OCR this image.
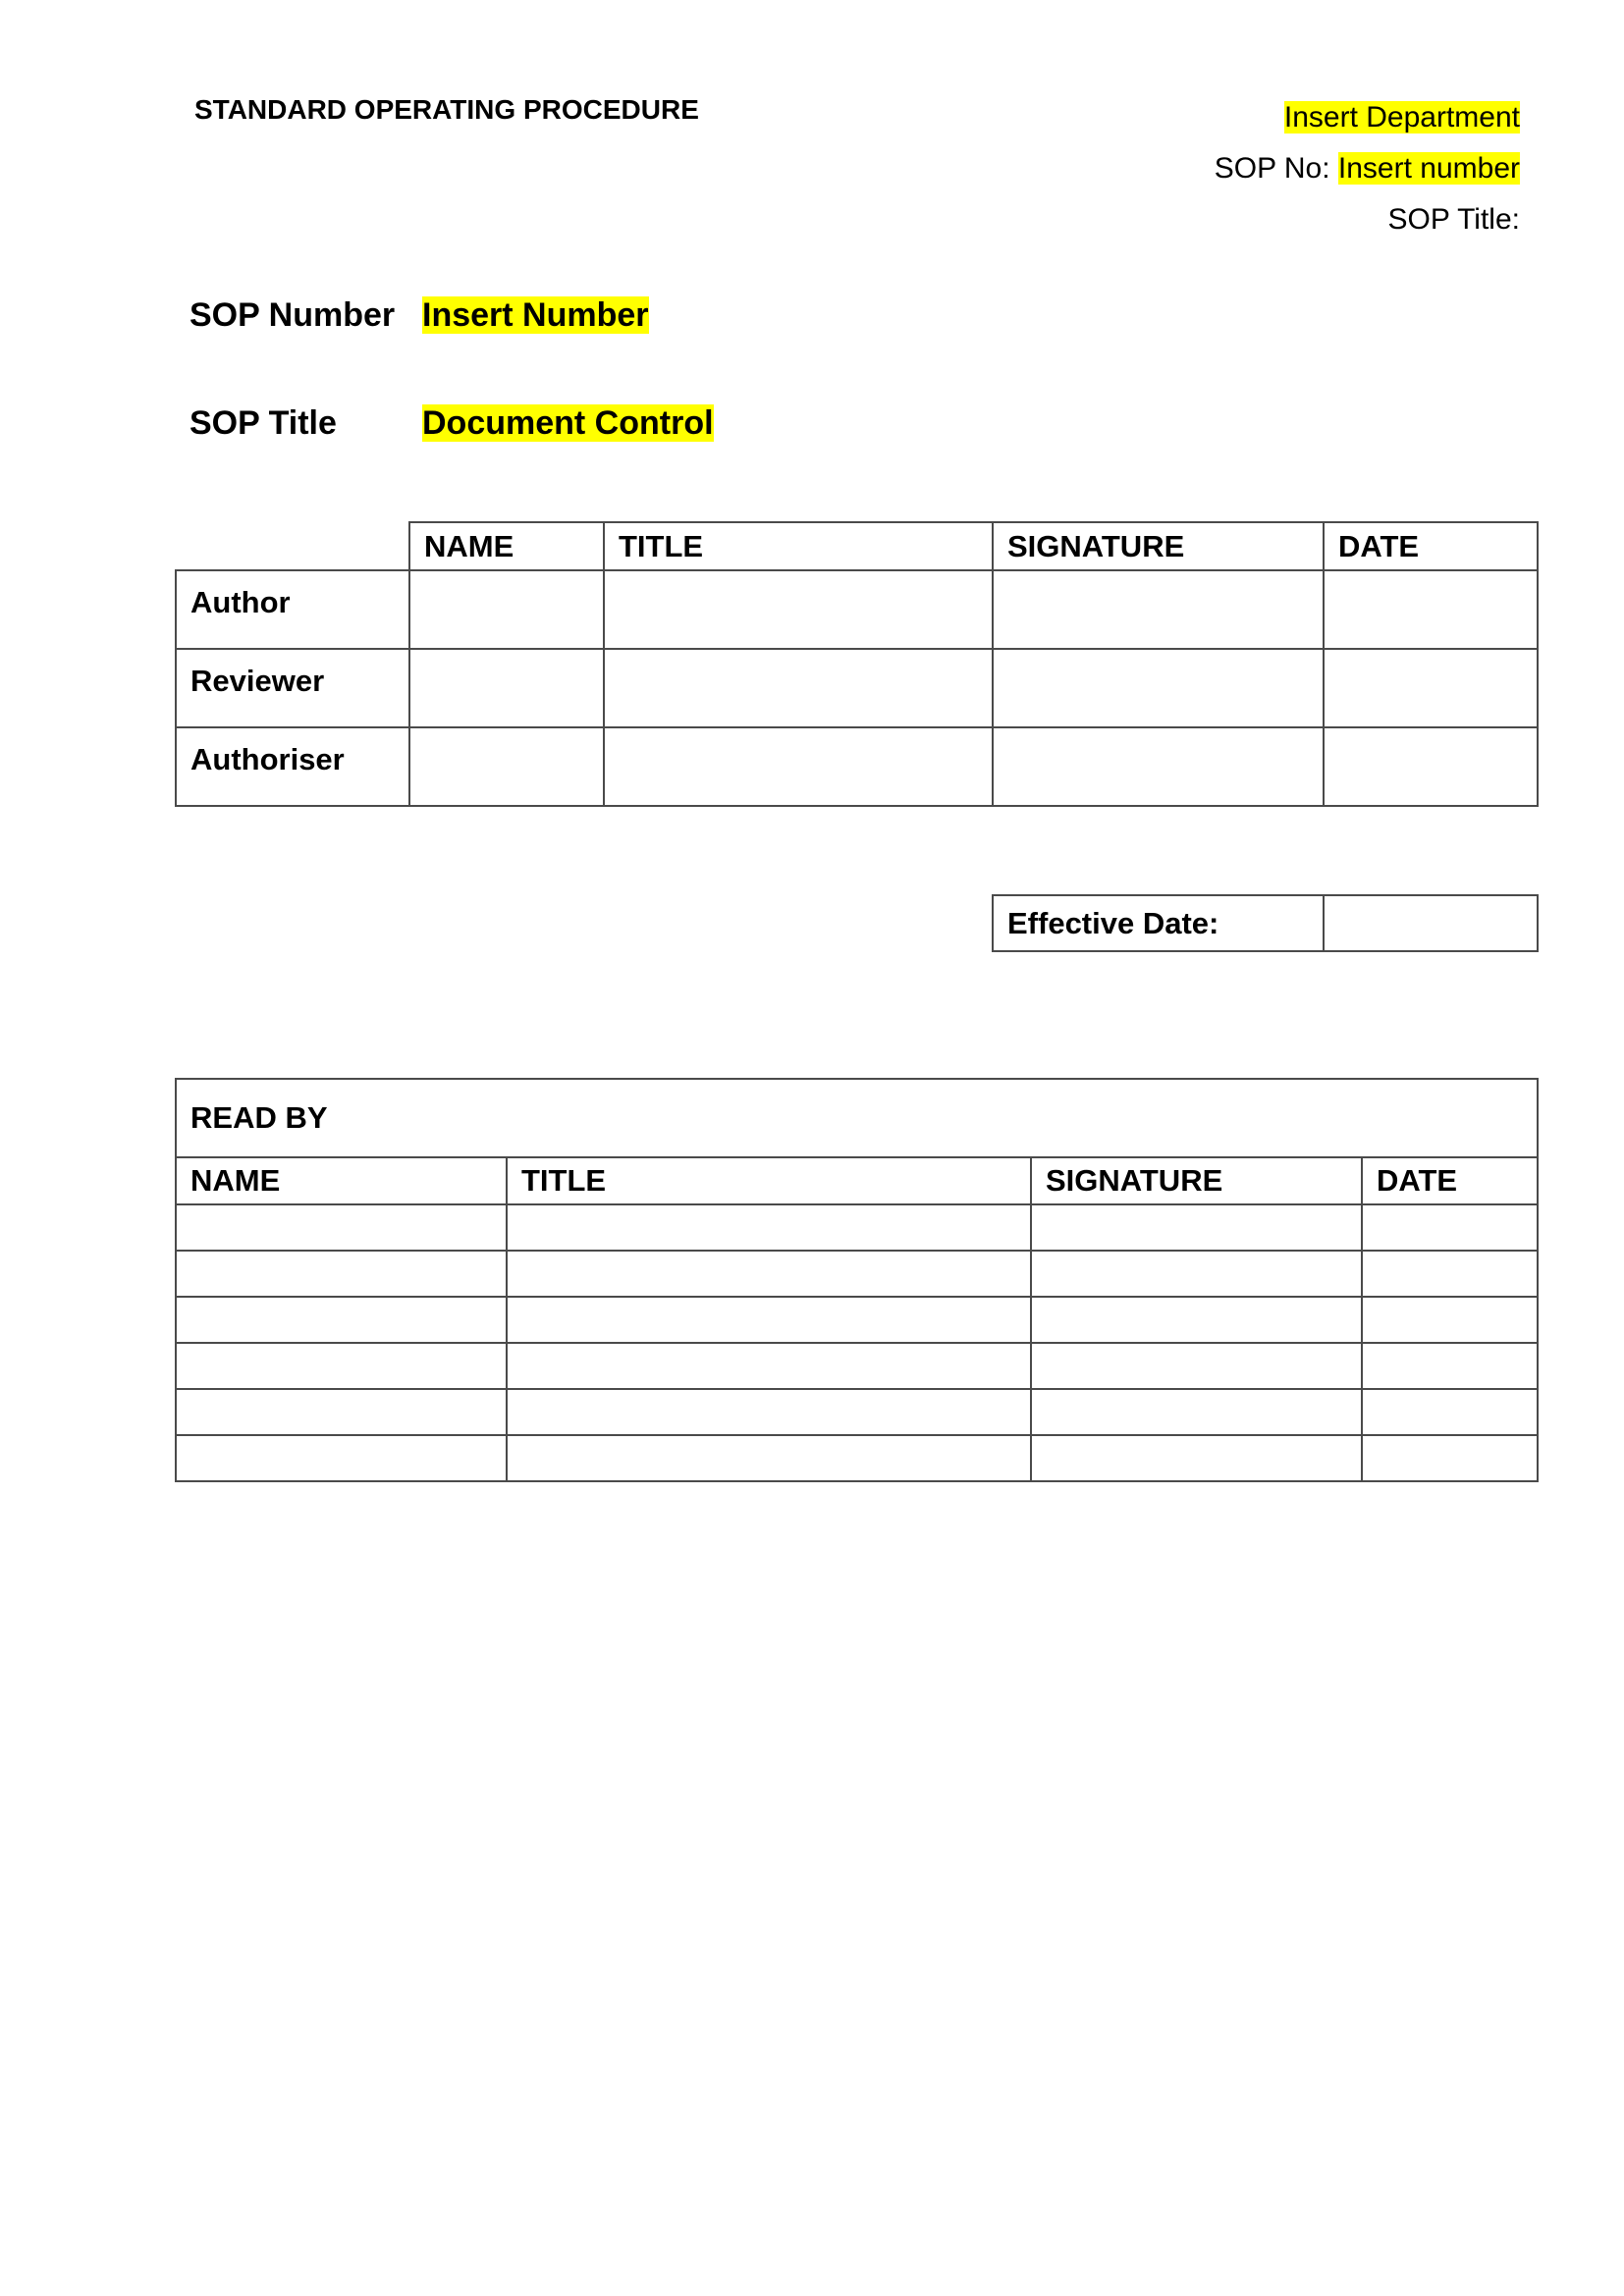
STANDARD OPERATING PROCEDURE	Insert Department
SOP No: Insert number
SOP Title:
SOP Number Insert Number
SOP Title	Document Control

	NAME	TITLE	SIGNATURE	DATE

Author				

Reviewer				

Authoriser				

Effective Date:

READ BY			

NAME	TITLE	SIGNATURE	DATE
